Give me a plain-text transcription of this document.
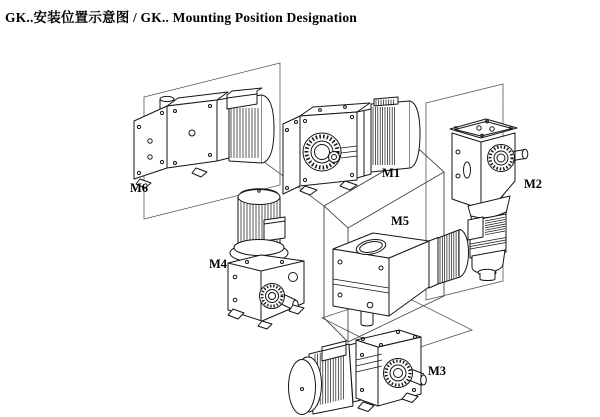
GK..安装位置示意图 / GK.. Mounting Position Designation
M6
M1
M2
M4
M5
M3
